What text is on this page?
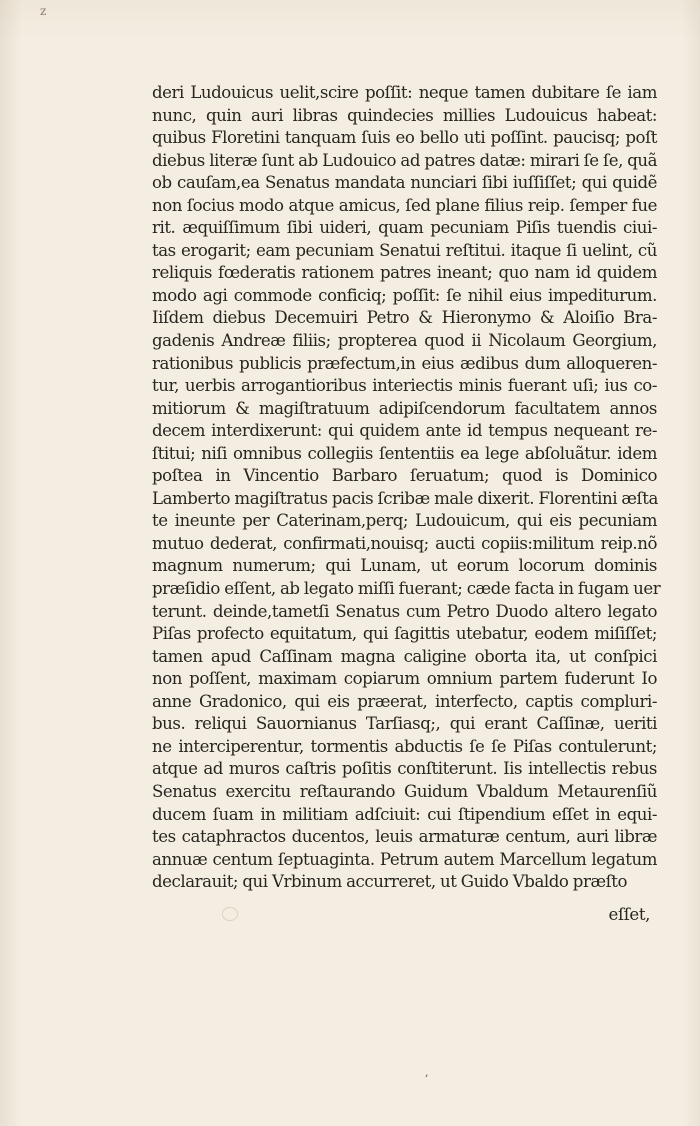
z
deri Ludouicus uelit,scire poſſit: neque tamen dubitare ſe iam
nunc, quin auri libras quindecies millies Ludouicus habeat:
quibus Floretini tanquam ſuis eo bello uti poſſint. paucisq; poſt
diebus literæ ſunt ab Ludouico ad patres datæ: mirari ſe ſe, quã
ob cauſam,ea Senatus mandata nunciari ſibi iuſſiſſet; qui quidẽ
non ſocius modo atque amicus, ſed plane filius reip. ſemper fue
rit. æquiſſimum ſibi uideri, quam pecuniam Piſis tuendis ciui-
tas erogarit; eam pecuniam Senatui reſtitui. itaque ſi uelint, cũ
reliquis fœderatis rationem patres ineant; quo nam id quidem
modo agi commode conficiq; poſſit: ſe nihil eius impediturum.
Iiſdem diebus Decemuiri Petro & Hieronymo & Aloiſio Bra-
gadenis Andreæ filiis; propterea quod ii Nicolaum Georgium,
rationibus publicis præfectum,in eius ædibus dum alloqueren-
tur, uerbis arrogantioribus interiectis minis fuerant uſi; ius co-
mitiorum & magiſtratuum adipiſcendorum facultatem annos
decem interdixerunt: qui quidem ante id tempus nequeant re-
ſtitui; niſi omnibus collegiis ſententiis ea lege abſoluãtur. idem
poſtea in Vincentio Barbaro ſeruatum; quod is Dominico
Lamberto magiſtratus pacis ſcribæ male dixerit. Florentini æſta
te ineunte per Caterinam,perq; Ludouicum, qui eis pecuniam
mutuo dederat, confirmati,nouisq; aucti copiis:militum reip.nõ
magnum numerum; qui Lunam, ut eorum locorum dominis
præſidio eſſent, ab legato miſſi fuerant; cæde facta in fugam uer
terunt. deinde,tametſi Senatus cum Petro Duodo altero legato
Piſas profecto equitatum, qui ſagittis utebatur, eodem miſiſſet;
tamen apud Caſſinam magna caligine oborta ita, ut conſpici
non poſſent, maximam copiarum omnium partem fuderunt Io
anne Gradonico, qui eis præerat, interfecto, captis compluri-
bus. reliqui Sauornianus Tarſiasq;, qui erant Caſſinæ, ueriti
ne interciperentur, tormentis abductis ſe ſe Piſas contulerunt;
atque ad muros caſtris poſitis conſtiterunt. Iis intellectis rebus
Senatus exercitu reſtaurando Guidum Vbaldum Metaurenſiũ
ducem ſuam in militiam adſciuit: cui ſtipendium eſſet in equi-
tes cataphractos ducentos, leuis armaturæ centum, auri libræ
annuæ centum ſeptuaginta. Petrum autem Marcellum legatum
declarauit; qui Vrbinum accurreret, ut Guido Vbaldo præſto
eſſet,
,
